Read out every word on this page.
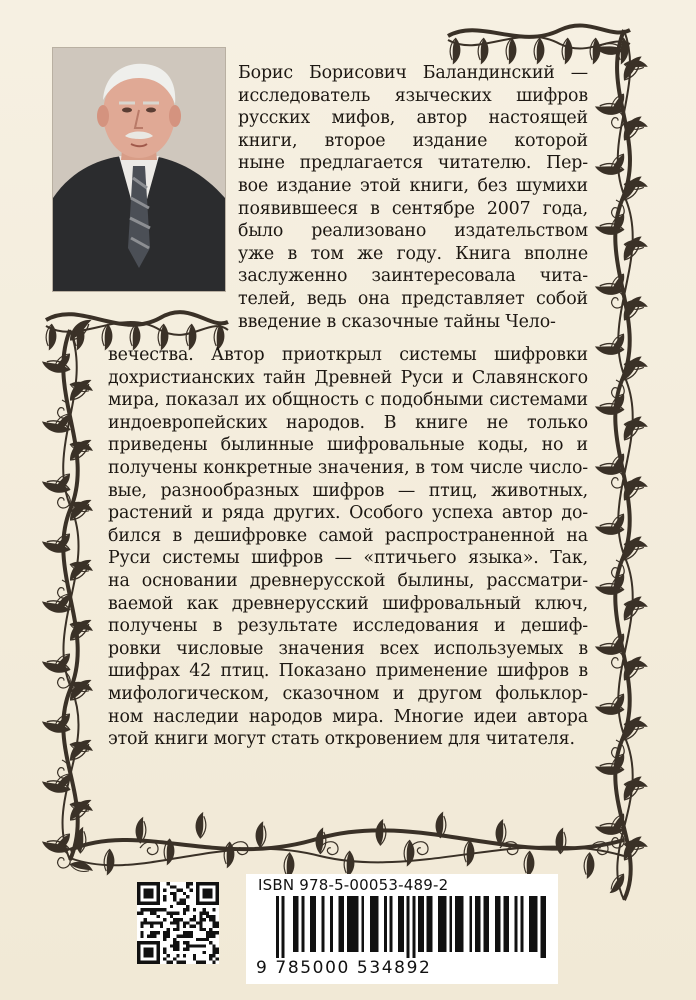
Борис Борисович Баландинский —
исследователь языческих шифров
русских мифов, автор настоящей
книги, второе издание которой
ныне предлагается читателю. Пер-
вое издание этой книги, без шумихи
появившееся в сентябре 2007 года,
было реализовано издательством
уже в том же году. Книга вполне
заслуженно заинтересовала чита-
телей, ведь она представляет собой
введение в сказочные тайны Чело-
вечества. Автор приоткрыл системы шифровки
дохристианских тайн Древней Руси и Славянского
мира, показал их общность с подобными системами
индоевропейских народов. В книге не только
приведены былинные шифровальные коды, но и
получены конкретные значения, в том числе число-
вые, разнообразных шифров — птиц, животных,
растений и ряда других. Особого успеха автор до-
бился в дешифровке самой распространенной на
Руси системы шифров — «птичьего языка». Так,
на основании древнерусской былины, рассматри-
ваемой как древнерусский шифровальный ключ,
получены в результате исследования и дешиф-
ровки числовые значения всех используемых в
шифрах 42 птиц. Показано применение шифров в
мифологическом, сказочном и другом фольклор-
ном наследии народов мира. Многие идеи автора
этой книги могут стать откровением для читателя.
ISBN 978-5-00053-489-2
9 785000 534892
